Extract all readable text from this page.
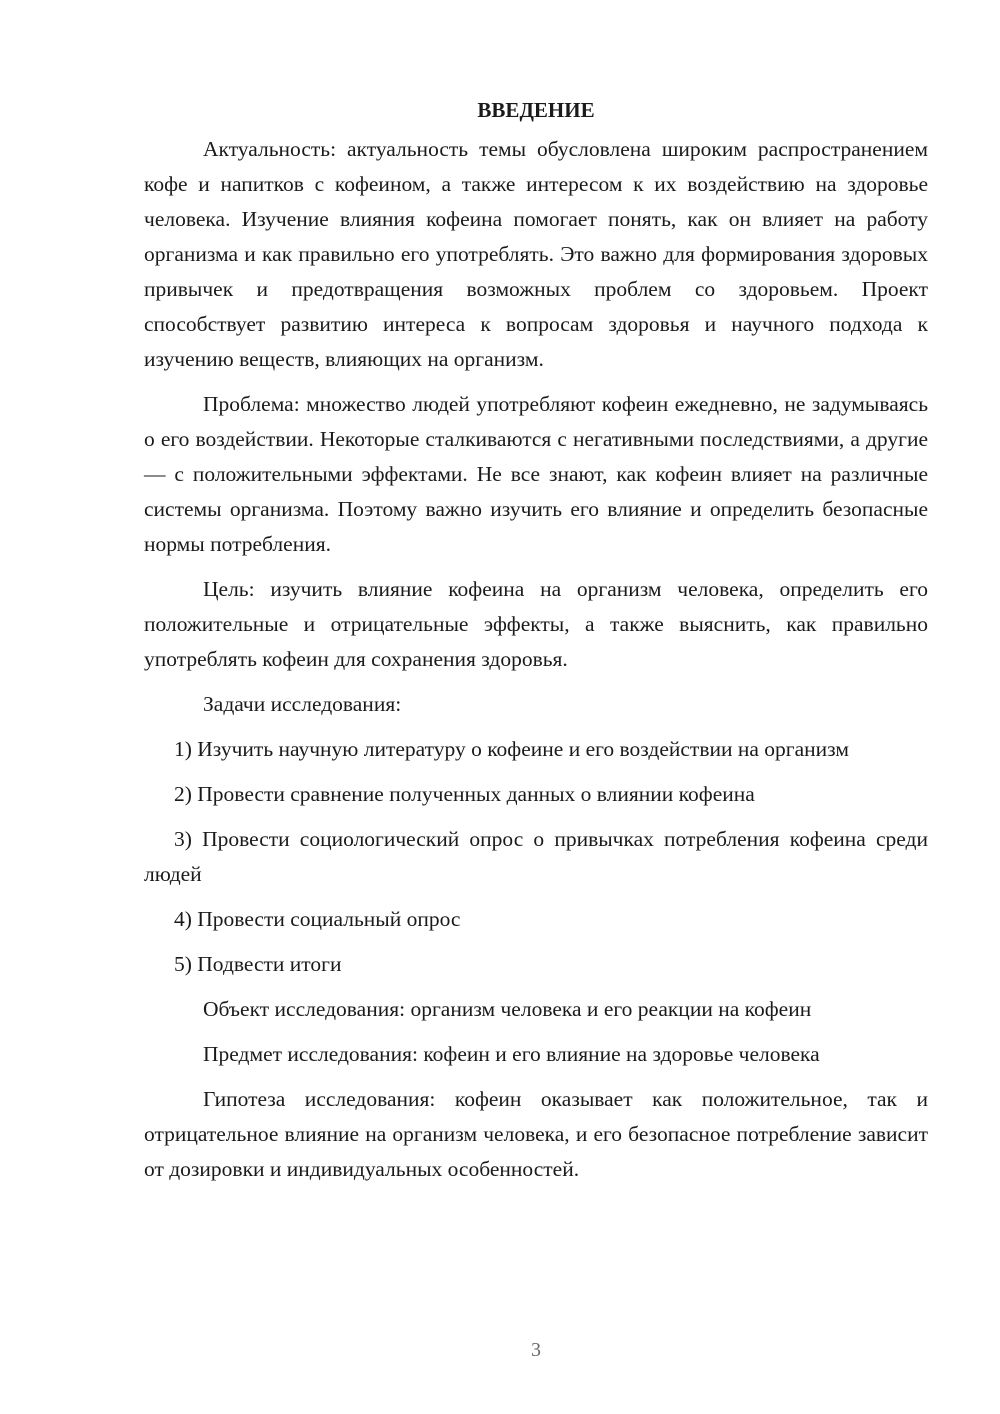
ВВЕДЕНИЕ

Актуальность: актуальность темы обусловлена широким распространением кофе и напитков с кофеином, а также интересом к их воздействию на здоровье человека. Изучение влияния кофеина помогает понять, как он влияет на работу организма и как правильно его употреблять. Это важно для формирования здоровых привычек и предотвращения возможных проблем со здоровьем. Проект способствует развитию интереса к вопросам здоровья и научного подхода к изучению веществ, влияющих на организм.

Проблема: множество людей употребляют кофеин ежедневно, не задумываясь о его воздействии. Некоторые сталкиваются с негативными последствиями, а другие — с положительными эффектами. Не все знают, как кофеин влияет на различные системы организма. Поэтому важно изучить его влияние и определить безопасные нормы потребления.

Цель: изучить влияние кофеина на организм человека, определить его положительные и отрицательные эффекты, а также выяснить, как правильно употреблять кофеин для сохранения здоровья.

Задачи исследования:

1) Изучить научную литературу о кофеине и его воздействии на организм

2) Провести сравнение полученных данных о влиянии кофеина

3) Провести социологический опрос о привычках потребления кофеина среди людей

4) Провести социальный опрос

5) Подвести итоги

Объект исследования: организм человека и его реакции на кофеин

Предмет исследования: кофеин и его влияние на здоровье человека

Гипотеза исследования: кофеин оказывает как положительное, так и отрицательное влияние на организм человека, и его безопасное потребление зависит от дозировки и индивидуальных особенностей.

3
